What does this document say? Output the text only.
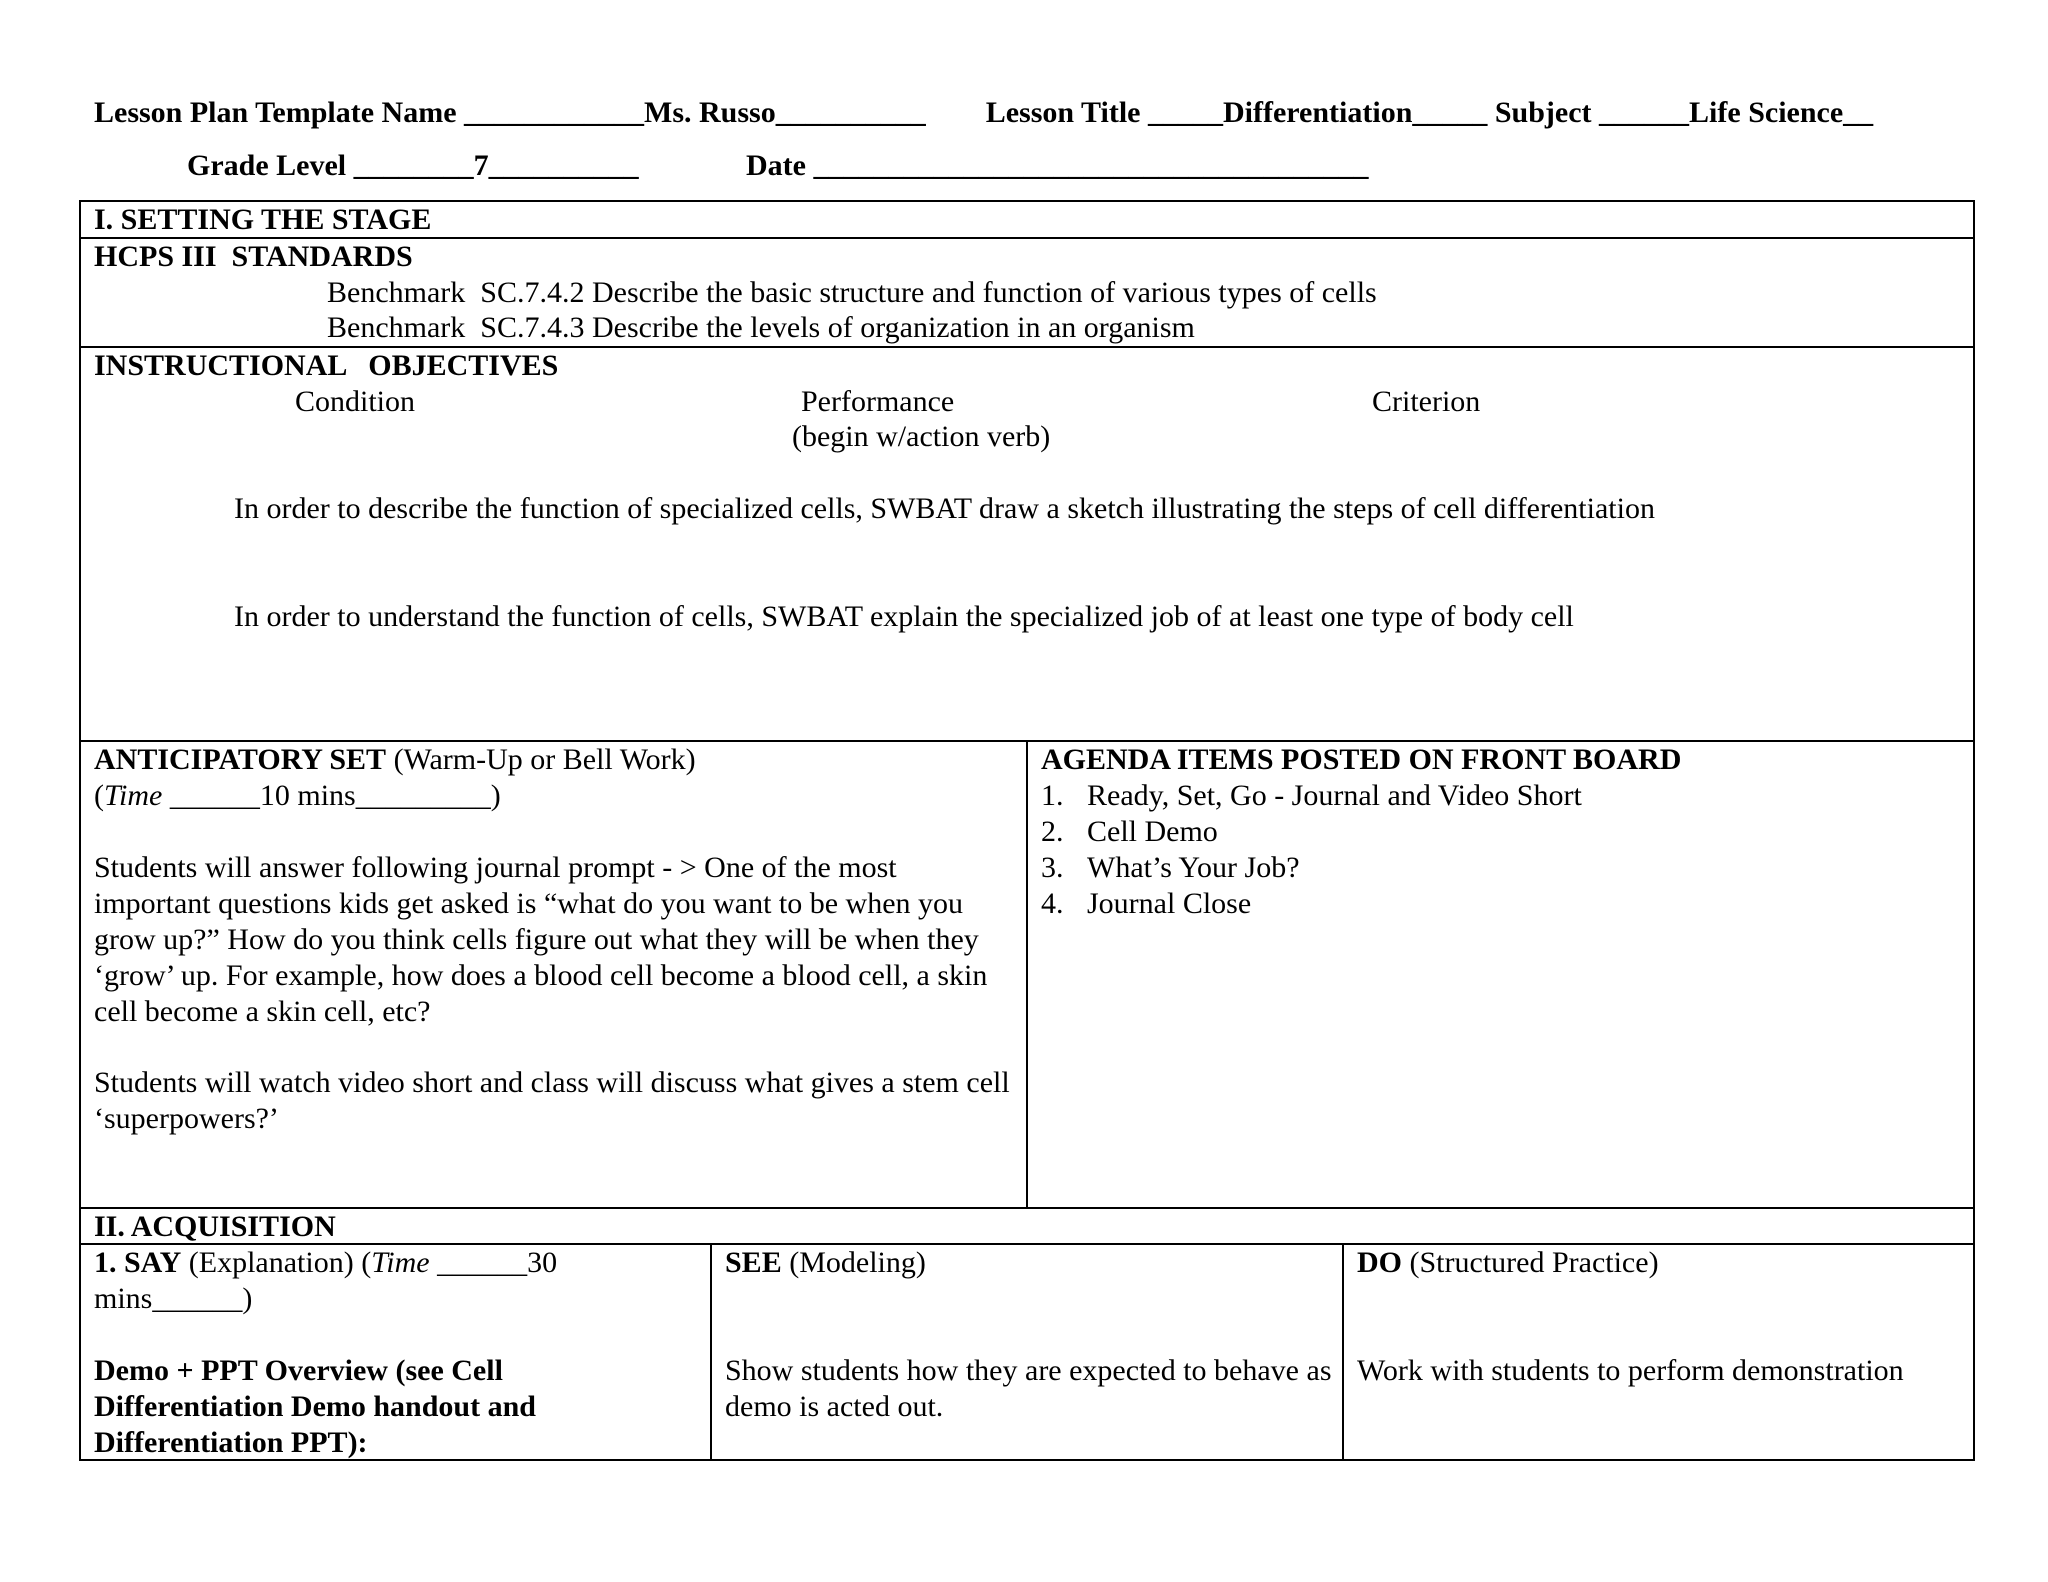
Lesson Plan Template Name ____________Ms. Russo__________        Lesson Title _____Differentiation_____ Subject ______Life Science__
Grade Level ________7__________	Date _____________________________________
I. SETTING THE STAGE
HCPS III  STANDARDS
Benchmark  SC.7.4.2 Describe the basic structure and function of various types of cells
Benchmark  SC.7.4.3 Describe the levels of organization in an organism
INSTRUCTIONAL   OBJECTIVES
Condition	Performance
(begin w/action verb)
Criterion
In order to describe the function of specialized cells, SWBAT draw a sketch illustrating the steps of cell differentiation
In order to understand the function of cells, SWBAT explain the specialized job of at least one type of body cell
ANTICIPATORY SET (Warm-Up or Bell Work)
(Time ______10 mins_________)
Students will answer following journal prompt - > One of the most important questions kids get asked is “what do you want to be when you grow up?” How do you think cells figure out what they will be when they ‘grow’ up. For example, how does a blood cell become a blood cell, a skin cell become a skin cell, etc?
Students will watch video short and class will discuss what gives a stem cell ‘superpowers?’
AGENDA ITEMS POSTED ON FRONT BOARD
1. Ready, Set, Go - Journal and Video Short
2. Cell Demo
3. What’s Your Job?
4. Journal Close
II. ACQUISITION
1. SAY (Explanation) (Time ______30
mins______)
Demo + PPT Overview (see Cell Differentiation Demo handout and Differentiation PPT):
SEE (Modeling)
Show students how they are expected to behave as demo is acted out.
DO (Structured Practice)
Work with students to perform demonstration
